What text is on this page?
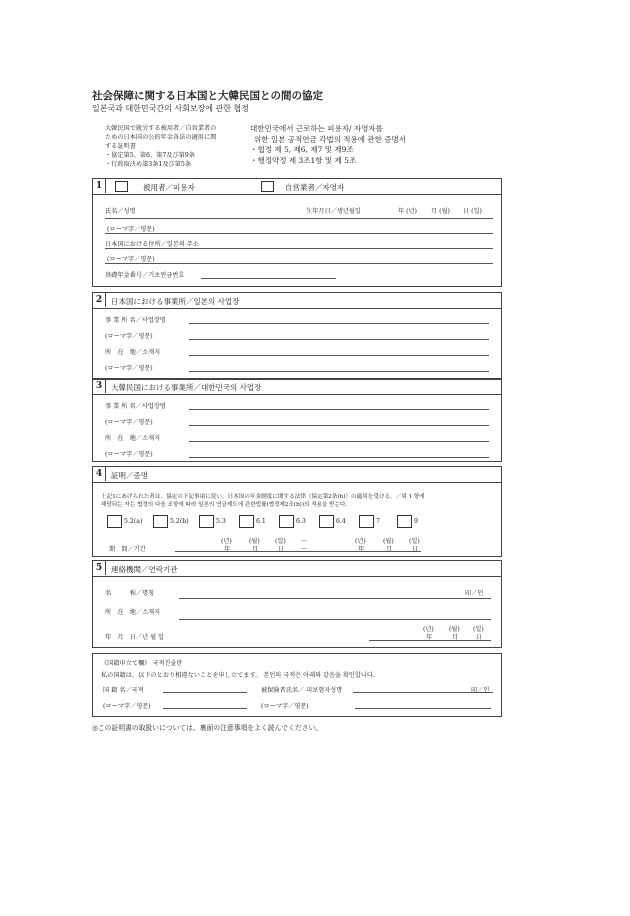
社会保障に関する日本国と大韓民国との間の協定
일본국과 대한민국간의 사회보장에 관한 협정
大韓民国で就労する被用者／自営業者の
ための日本国の公的年金各法の適用に関
する証明書
・協定第5、第6、第7及び第9条
・行政取決め第3条1及び第5条
대한민국에서 근로하는 피용자/ 자영자를
위한 일본 공적연금 각법의 적용에 관한 증명서
・협정 제 5, 제6, 제7 및 제9조
・행정약정 제 3조1항 및 제 5조
1	被用者／피용자	自営業者／자영자
氏名／성명	生年月日／생년월일	年 (년) 月 (월) 日 (일)
(ローマ字／영문)
日本国における住所／일본의 주소
(ローマ字／영문)
基礎年金番号／기초연금번호
2	日本国における事業所／일본의 사업장
事 業 所 名／사업장명
(ローマ字／영문)
所　在　地／소재지
(ローマ字／영문)
3	大韓民国における事業所／대한민국의 사업장
事 業 所 名／사업장명
(ローマ字／영문)
所　在　地／소재지
(ローマ字／영문)
4	証明／증명
上記1にあげられた者は、協定の下記事項に従い、日本国の年金制度に関する法律（協定第2条(b)）の適用を受ける。／위 1 항에
해당되는 자는 협정의 다음 조항에 따라 일본의 연금제도에 관한법률(협정제2조(b))의 적용을 받는다.
5.2(a)	5.2(b)	5.3	6.1	6.3	6.4	7	9
期　間／기간
(년)	(월) (일) ～	(년)	(월) (일)
年	月	日	～	年	月	日
5	連絡機関／연락기관
名　　　称／명칭	印／인
所　在　地／소재지
(년) (월) (일)
年　月　日／년 월 일	年	月	日
《国籍申立て欄》 국적진술란
私の国籍は、以下のとおり相違ないことを申し立てます。 본인의 국적은 아래와 같음을 확인합니다.
国 籍 名／국적	被保険者氏名／ 피보험자성명	印／인
(ローマ字／영문)	(ローマ字／영문)
◎この証明書の取扱いについては、裏面の注意事項をよく読んでください。
